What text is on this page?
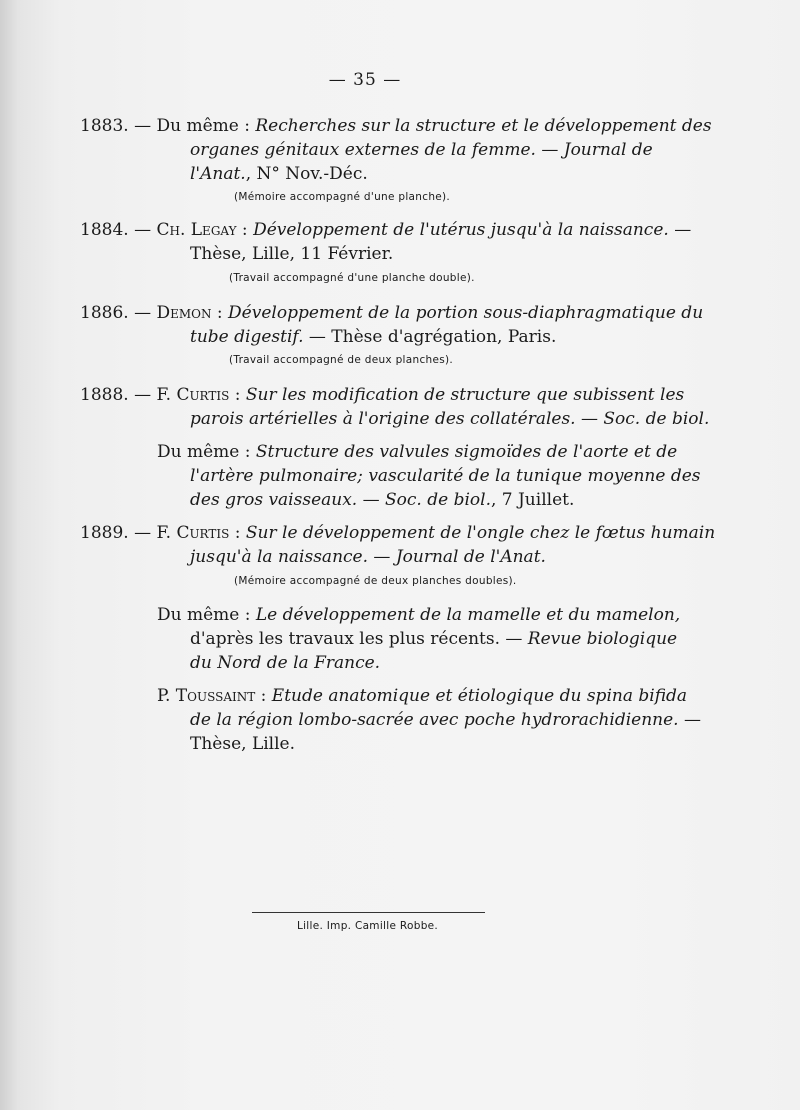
— 35 —
1883. — Du même : Recherches sur la structure et le développement des
organes génitaux externes de la femme. — Journal de
l'Anat., N° Nov.-Déc.
(Mémoire accompagné d'une planche).
1884. — Ch. Legay : Développement de l'utérus jusqu'à la naissance. —
Thèse, Lille, 11 Février.
(Travail accompagné d'une planche double).
1886. — Demon : Développement de la portion sous-diaphragmatique du
tube digestif. — Thèse d'agrégation, Paris.
(Travail accompagné de deux planches).
1888. — F. Curtis : Sur les modification de structure que subissent les
parois artérielles à l'origine des collatérales. — Soc. de biol.
Du même : Structure des valvules sigmoïdes de l'aorte et de
l'artère pulmonaire; vascularité de la tunique moyenne des
des gros vaisseaux. — Soc. de biol., 7 Juillet.
1889. — F. Curtis : Sur le développement de l'ongle chez le fœtus humain
jusqu'à la naissance. — Journal de l'Anat.
(Mémoire accompagné de deux planches doubles).
Du même : Le développement de la mamelle et du mamelon,
d'après les travaux les plus récents. — Revue biologique
du Nord de la France.
P. Toussaint : Etude anatomique et étiologique du spina bifida
de la région lombo-sacrée avec poche hydrorachidienne. —
Thèse, Lille.
Lille. Imp. Camille Robbe.
